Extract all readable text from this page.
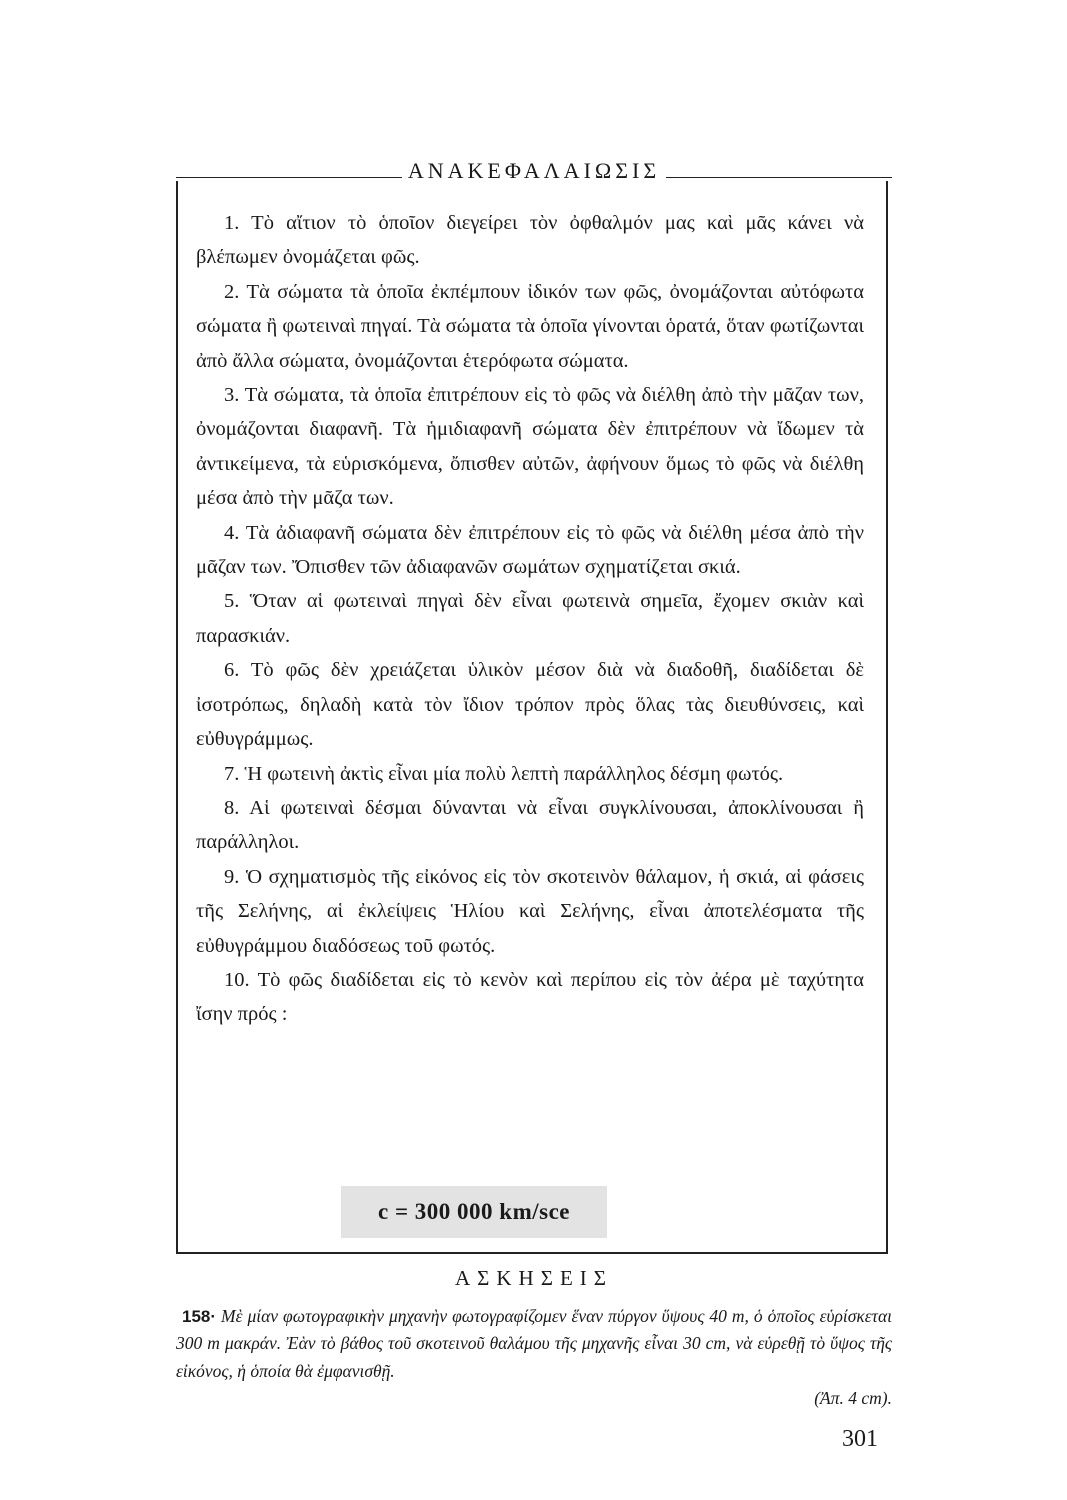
ΑΝΑΚΕΦΑΛΑΙΩΣΙΣ

1. Τὸ αἴτιον τὸ ὁποῖον διεγείρει τὸν ὀφθαλμόν μας καὶ μᾶς κάνει νὰ βλέπωμεν ὀνομάζεται φῶς.

2. Τὰ σώματα τὰ ὁποῖα ἐκπέμπουν ἰδικόν των φῶς, ὀνομάζονται αὐτόφωτα σώματα ἢ φωτειναὶ πηγαί. Τὰ σώματα τὰ ὁποῖα γίνονται ὁρατά, ὅταν φωτίζωνται ἀπὸ ἄλλα σώματα, ὀνομάζονται ἑτερόφωτα σώματα.

3. Τὰ σώματα, τὰ ὁποῖα ἐπιτρέπουν εἰς τὸ φῶς νὰ διέλθη ἀπὸ τὴν μᾶζαν των, ὀνομάζονται διαφανῆ. Τὰ ἡμιδιαφανῆ σώματα δὲν ἐπιτρέπουν νὰ ἴδωμεν τὰ ἀντικείμενα, τὰ εὑρισκόμενα, ὄπισθεν αὐτῶν, ἀφήνουν ὅμως τὸ φῶς νὰ διέλθη μέσα ἀπὸ τὴν μᾶζα των.

4. Τὰ ἀδιαφανῆ σώματα δὲν ἐπιτρέπουν εἰς τὸ φῶς νὰ διέλθη μέσα ἀπὸ τὴν μᾶζαν των. Ὄπισθεν τῶν ἀδιαφανῶν σωμάτων σχηματίζεται σκιά.

5. Ὅταν αἱ φωτειναὶ πηγαὶ δὲν εἶναι φωτεινὰ σημεῖα, ἔχομεν σκιὰν καὶ παρασκιάν.

6. Τὸ φῶς δὲν χρειάζεται ὑλικὸν μέσον διὰ νὰ διαδοθῆ, διαδίδεται δὲ ἰσοτρόπως, δηλαδὴ κατὰ τὸν ἴδιον τρόπον πρὸς ὅλας τὰς διευθύνσεις, καὶ εὐθυγράμμως.

7. Ἡ φωτεινὴ ἀκτὶς εἶναι μία πολὺ λεπτὴ παράλληλος δέσμη φωτός.

8. Αἱ φωτειναὶ δέσμαι δύνανται νὰ εἶναι συγκλίνουσαι, ἀποκλίνουσαι ἢ παράλληλοι.

9. Ὁ σχηματισμὸς τῆς εἰκόνος εἰς τὸν σκοτεινὸν θάλαμον, ἡ σκιά, αἱ φάσεις τῆς Σελήνης, αἱ ἐκλείψεις Ἡλίου καὶ Σελήνης, εἶναι ἀποτελέσματα τῆς εὐθυγράμμου διαδόσεως τοῦ φωτός.

10. Τὸ φῶς διαδίδεται εἰς τὸ κενὸν καὶ περίπου εἰς τὸν ἀέρα μὲ ταχύτητα ἴσην πρός :

c = 300 000 km/sce
ΑΣΚΗΣΕΙΣ
158· Μὲ μίαν φωτογραφικὴν μηχανὴν φωτογραφίζομεν ἕναν πύργον ὕψους 40 m, ὁ ὁποῖος εὑρίσκεται 300 m μακράν. Ἐὰν τὸ βάθος τοῦ σκοτεινοῦ θαλάμου τῆς μηχανῆς εἶναι 30 cm, νὰ εὑρεθῇ τὸ ὕψος τῆς εἰκόνος, ἡ ὁποία θὰ ἐμφανισθῇ.
(Ἀπ. 4 cm).
301
